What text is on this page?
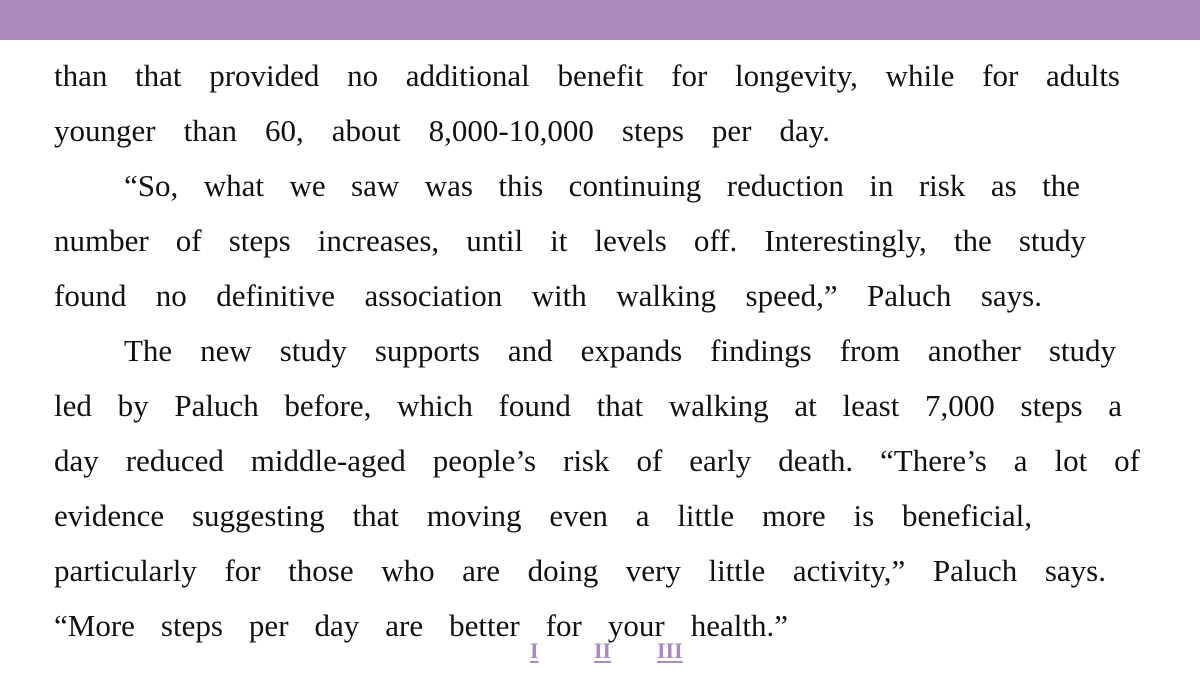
than that provided no additional benefit for longevity, while for adults
younger than 60, about 8,000-10,000 steps per day.
“So, what we saw was this continuing reduction in risk as the
number of steps increases, until it levels off. Interestingly, the study
found no definitive association with walking speed,” Paluch says.
The new study supports and expands findings from another study
led by Paluch before, which found that walking at least 7,000 steps a
day reduced middle-aged people’s risk of early death. “There’s a lot of
evidence suggesting that moving even a little more is beneficial,
particularly for those who are doing very little activity,” Paluch says.
“More steps per day are better for your health.”
I	II III
